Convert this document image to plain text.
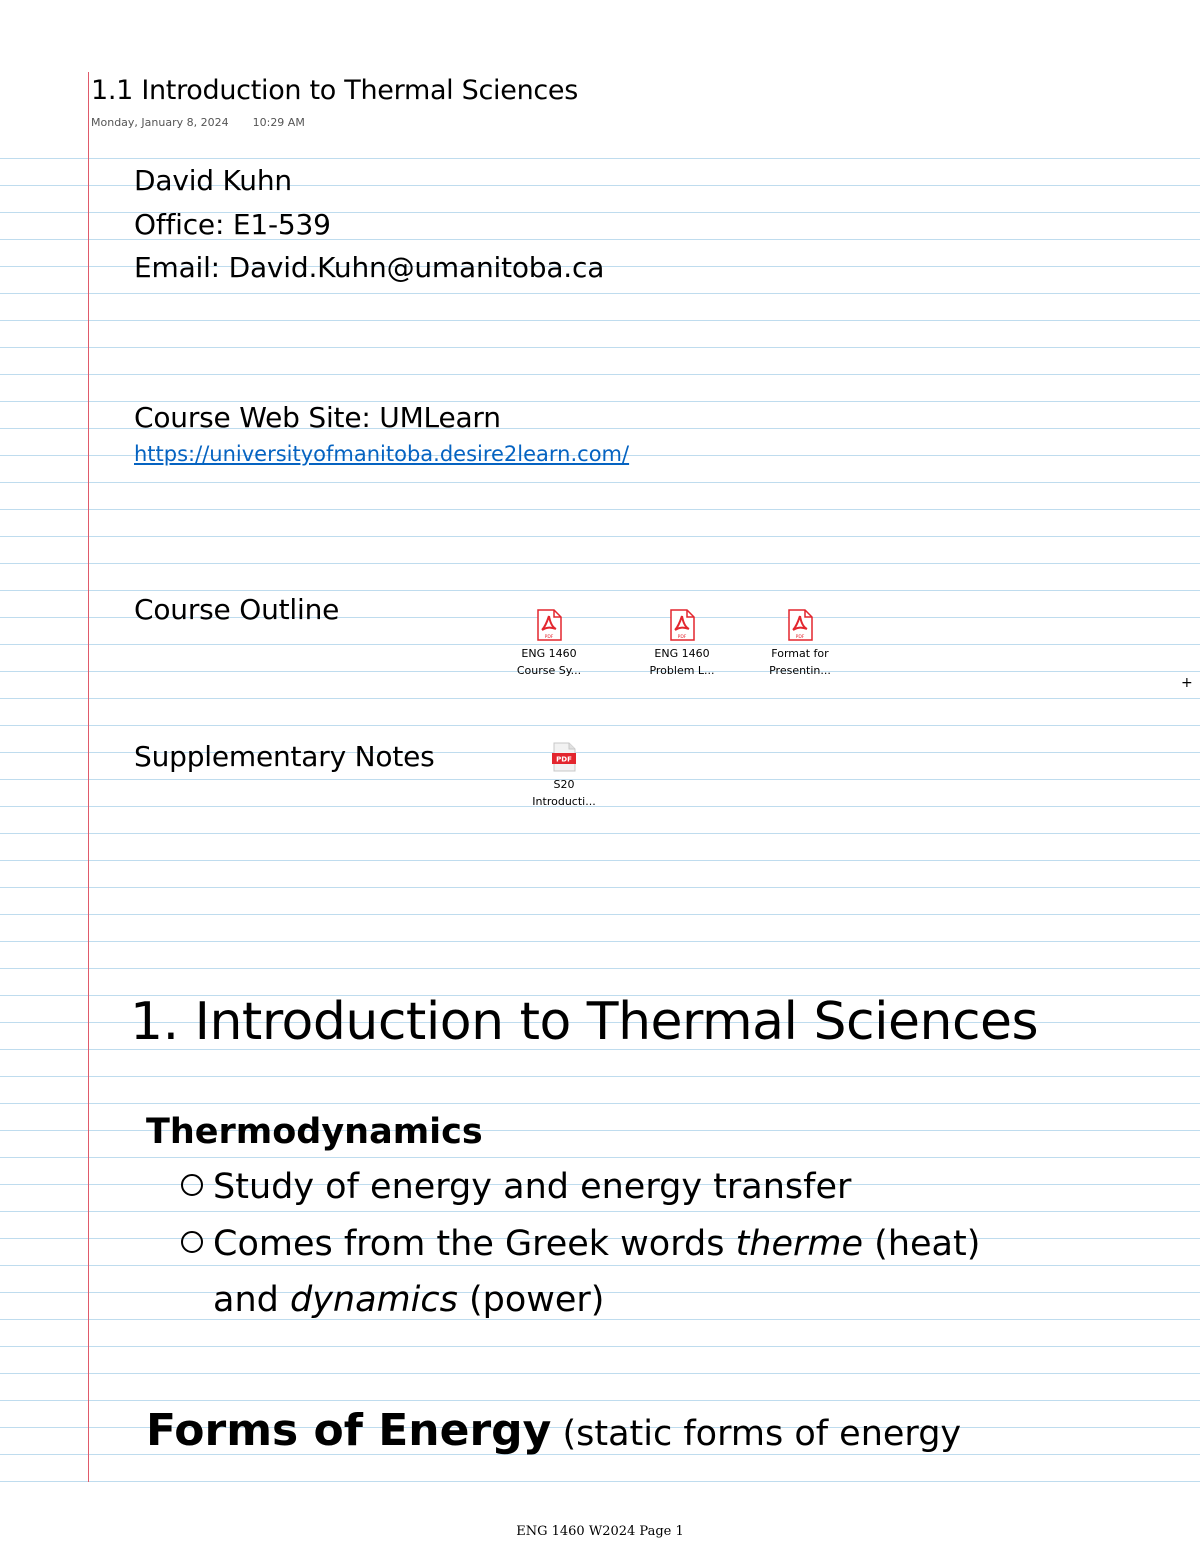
1.1 Introduction to Thermal Sciences
Monday, January 8, 2024 10:29 AM
David Kuhn
Office: E1-539
Email: David.Kuhn@umanitoba.ca
Course Web Site: UMLearn
https://universityofmanitoba.desire2learn.com/
Course Outline
PDF
ENG 1460
Course Sy...
PDF
ENG 1460
Problem L...
PDF
Format for
Presentin...
Supplementary Notes	PDF
S20
Introducti...
+
1. Introduction to Thermal Sciences
Thermodynamics
Study of energy and energy transfer
Comes from the Greek words therme (heat)
and dynamics (power)
Forms of Energy (static forms of energy
ENG 1460 W2024 Page 1
